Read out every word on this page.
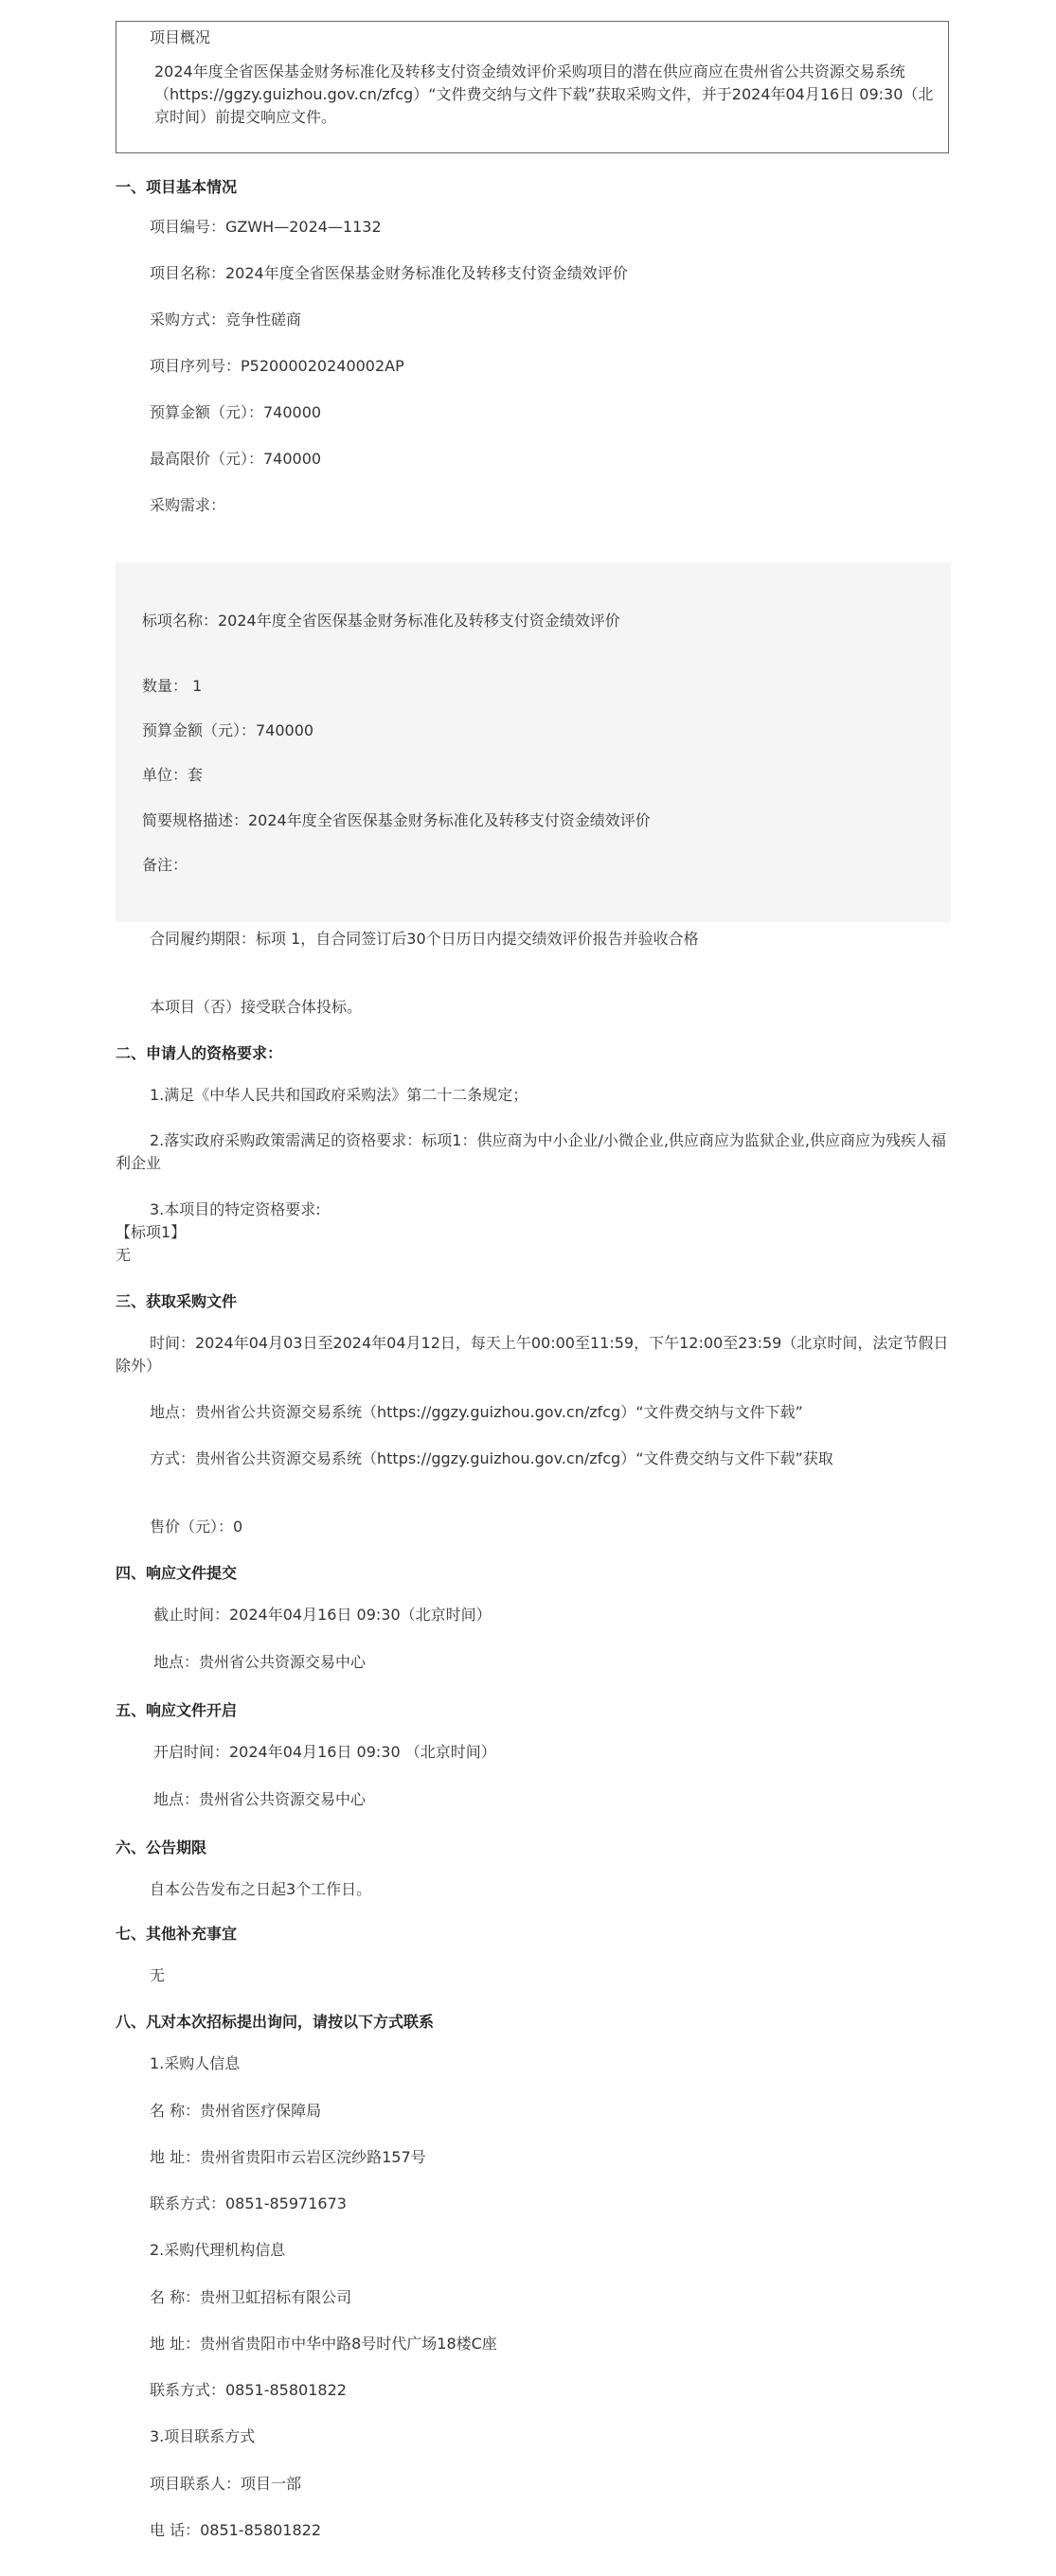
项目概况
2024年度全省医保基金财务标准化及转移支付资金绩效评价采购项目的潜在供应商应在贵州省公共资源交易系统（https://ggzy.guizhou.gov.cn/zfcg）“文件费交纳与文件下载”获取采购文件，并于2024年04月16日 09:30（北京时间）前提交响应文件。
一、项目基本情况
项目编号：GZWH—2024—1132
项目名称：2024年度全省医保基金财务标准化及转移支付资金绩效评价
采购方式：竞争性磋商
项目序列号：P52000020240002AP
预算金额（元）：740000
最高限价（元）：740000
采购需求：
标项名称：2024年度全省医保基金财务标准化及转移支付资金绩效评价
数量： 1
预算金额（元）：740000
单位：套
简要规格描述：2024年度全省医保基金财务标准化及转移支付资金绩效评价
备注：
合同履约期限：标项 1，自合同签订后30个日历日内提交绩效评价报告并验收合格
本项目（否）接受联合体投标。
二、申请人的资格要求：
1.满足《中华人民共和国政府采购法》第二十二条规定；
2.落实政府采购政策需满足的资格要求：标项1：供应商为中小企业/小微企业,供应商应为监狱企业,供应商应为残疾人福利企业
3.本项目的特定资格要求:
【标项1】
无
三、获取采购文件
时间：2024年04月03日至2024年04月12日，每天上午00:00至11:59，下午12:00至23:59（北京时间，法定节假日除外）
地点：贵州省公共资源交易系统（https://ggzy.guizhou.gov.cn/zfcg）“文件费交纳与文件下载”
方式：贵州省公共资源交易系统（https://ggzy.guizhou.gov.cn/zfcg）“文件费交纳与文件下载”获取
售价（元）：0
四、响应文件提交
截止时间：2024年04月16日 09:30（北京时间）
地点：贵州省公共资源交易中心
五、响应文件开启
开启时间：2024年04月16日 09:30 （北京时间）
地点：贵州省公共资源交易中心
六、公告期限
自本公告发布之日起3个工作日。
七、其他补充事宜
无
八、凡对本次招标提出询问，请按以下方式联系
1.采购人信息
名 称：贵州省医疗保障局
地 址：贵州省贵阳市云岩区浣纱路157号
联系方式：0851-85971673
2.采购代理机构信息
名 称：贵州卫虹招标有限公司
地 址：贵州省贵阳市中华中路8号时代广场18楼C座
联系方式：0851-85801822
3.项目联系方式
项目联系人：项目一部
电 话：0851-85801822
